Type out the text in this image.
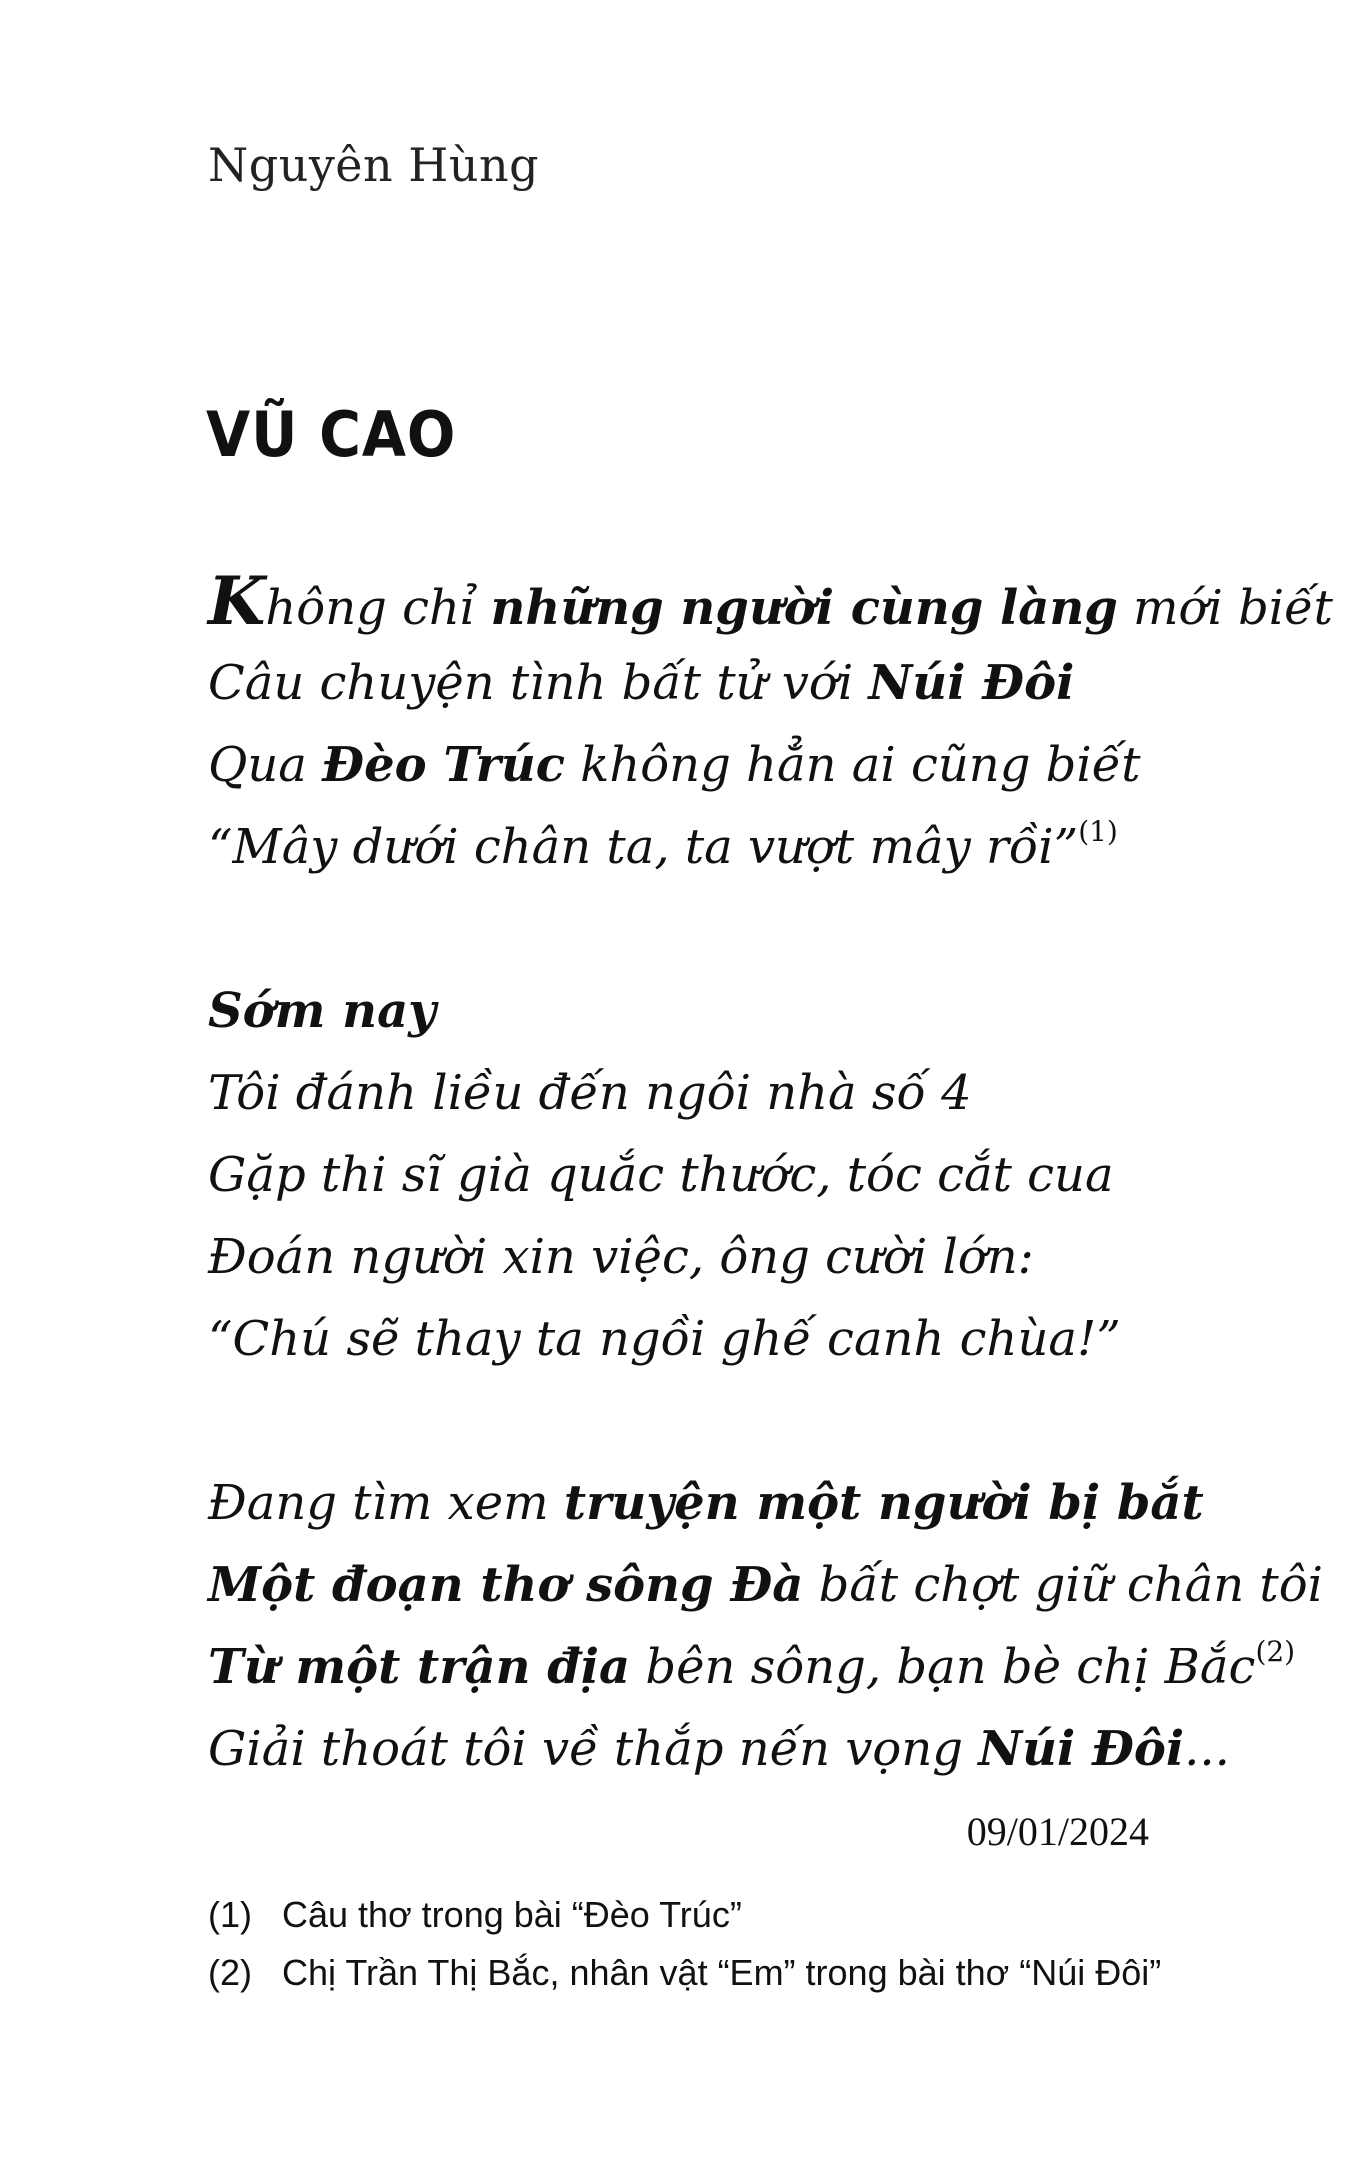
Nguyên Hùng
VŨ CAO
Không chỉ những người cùng làng mới biết
Câu chuyện tình bất tử với Núi Đôi
Qua Đèo Trúc không hẳn ai cũng biết
“Mây dưới chân ta, ta vượt mây rồi”$^{(1)}$
Sớm nay
Tôi đánh liều đến ngôi nhà số 4
Gặp thi sĩ già quắc thước, tóc cắt cua
Đoán người xin việc, ông cười lớn:
“Chú sẽ thay ta ngồi ghế canh chùa!”
Đang tìm xem truyện một người bị bắt
Một đoạn thơ sông Đà bất chợt giữ chân tôi
Từ một trận địa bên sông, bạn bè chị Bắc$^{(2)}$
Giải thoát tôi về thắp nến vọng Núi Đôi...
09/01/2024
(1) Câu thơ trong bài “Đèo Trúc”
(2) Chị Trần Thị Bắc, nhân vật “Em” trong bài thơ “Núi Đôi”
